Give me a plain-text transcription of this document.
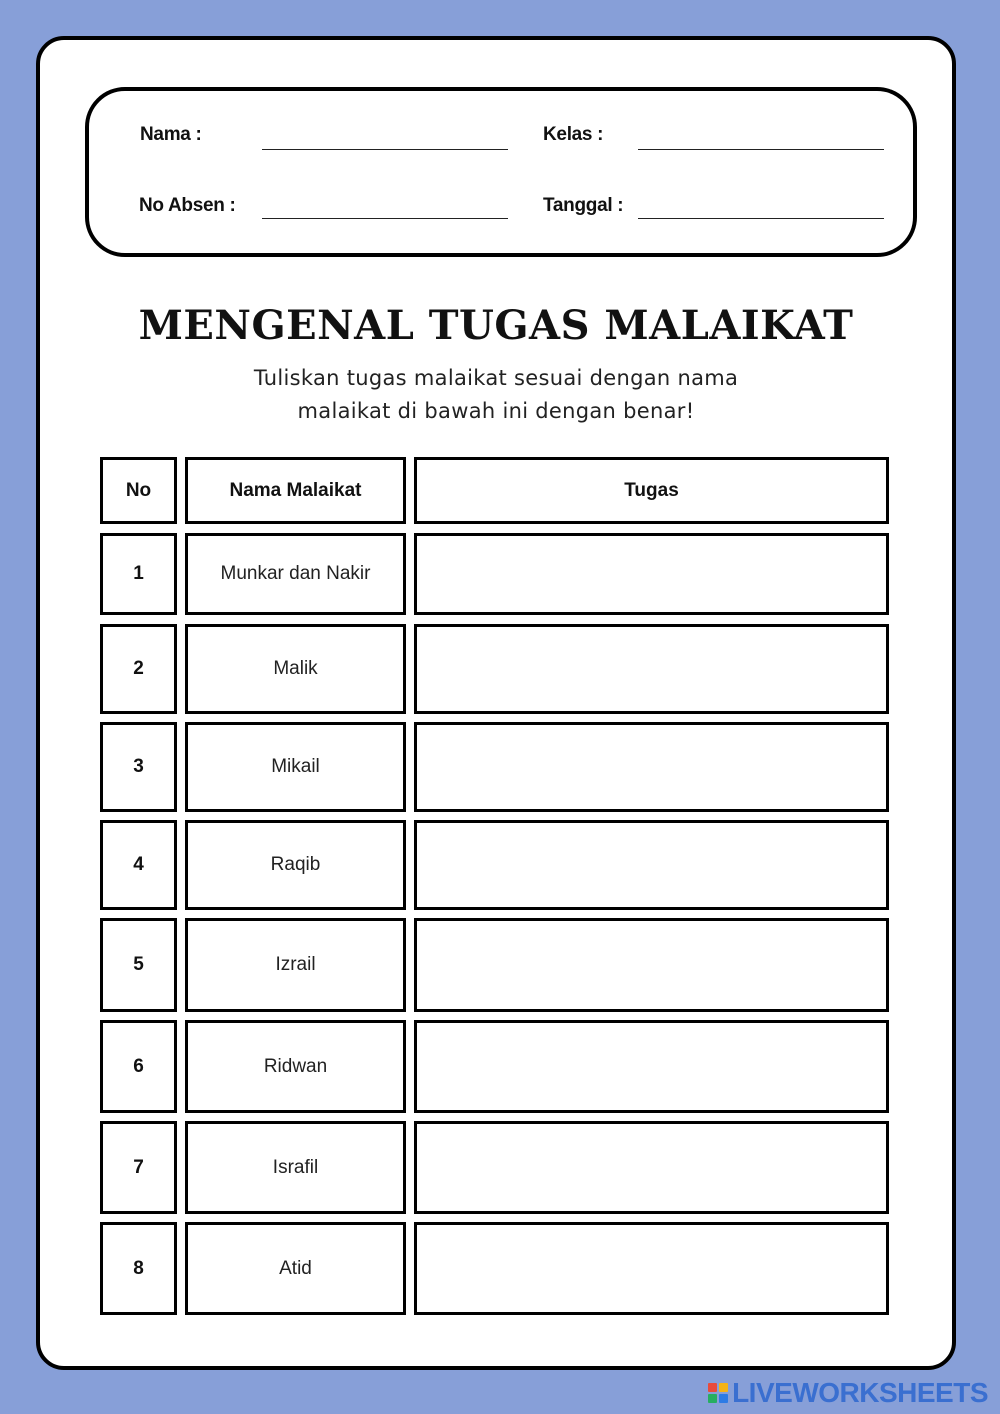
Nama :	Kelas :
No Absen :	Tanggal :
MENGENAL TUGAS MALAIKAT
Tuliskan tugas malaikat sesuai dengan nama
malaikat di bawah ini dengan benar!
No	Nama Malaikat	Tugas
1	Munkar dan Nakir
2	Malik
3	Mikail
4	Raqib
5	Izrail
6	Ridwan
7	Israfil
8	Atid
LIVEWORKSHEETS
